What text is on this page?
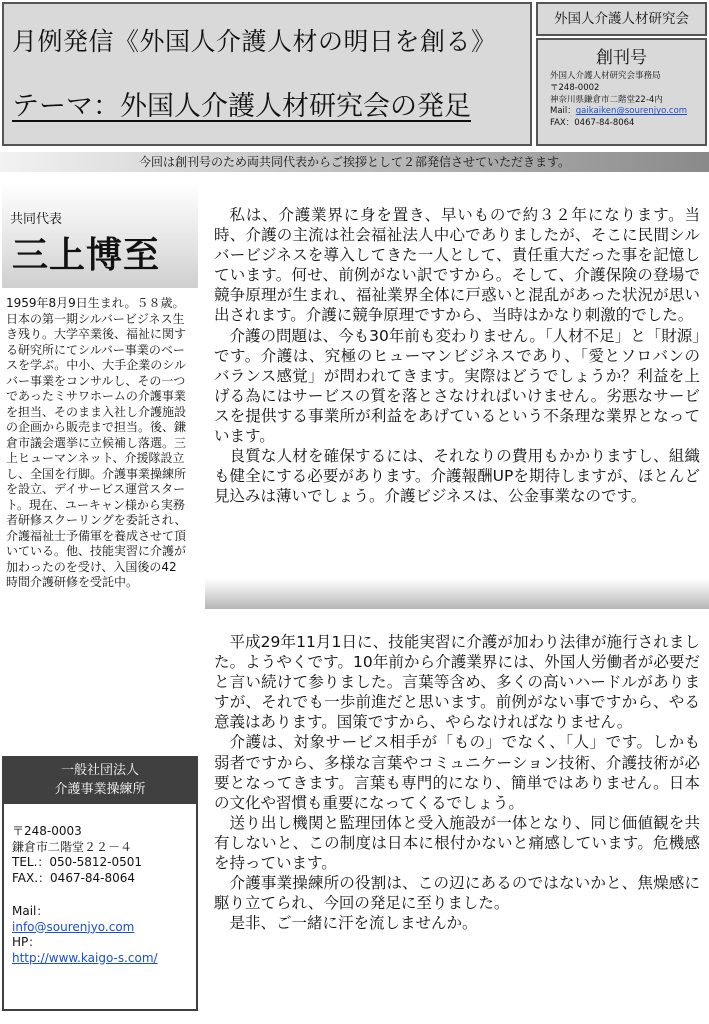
月例発信《外国人介護人材の明日を創る》
テーマ：外国人介護人材研究会の発足
外国人介護人材研究会
創刊号
外国人介護人材研究会事務局
〒248-0002
神奈川県鎌倉市二階堂22-4内
Mail：gaikaiken@sourenjyo.com
FAX：0467-84-8064
今回は創刊号のため両共同代表からご挨拶として２部発信させていただきます。
共同代表
三上博至
1959年8月9日生まれ。５８歳。日本の第一期シルバービジネス生き残り。大学卒業後、福祉に関する研究所にてシルバー事業のベースを学ぶ。中小、大手企業のシルバー事業をコンサルし、その一つであったミサワホームの介護事業を担当、そのまま入社し介護施設の企画から販売まで担当。後、鎌倉市議会選挙に立候補し落選。三上ヒューマンネット、介援隊設立し、全国を行脚。介護事業操練所を設立、デイサービス運営スタート。現在、ユーキャン様から実務者研修スクーリングを委託され、介護福祉士予備軍を養成させて頂いている。他、技能実習に介護が加わったのを受け、入国後の42時間介護研修を受託中。
一般社団法人
介護事業操練所
〒248-0003
鎌倉市二階堂２２－４
TEL.：050-5812-0501
FAX.：0467-84-8064
Mail：
info@sourenjyo.com
HP：
http://www.kaigo-s.com/

私は、介護業界に身を置き、早いもので約３２年になります。当時、介護の主流は社会福祉法人中心でありましたが、そこに民間シルバービジネスを導入してきた一人として、責任重大だった事を記憶しています。何せ、前例がない訳ですから。そして、介護保険の登場で競争原理が生まれ、福祉業界全体に戸惑いと混乱があった状況が思い出されます。介護に競争原理ですから、当時はかなり刺激的でした。

介護の問題は、今も30年前も変わりません。「人材不足」と「財源」です。介護は、究極のヒューマンビジネスであり、「愛とソロバンのバランス感覚」が問われてきます。実際はどうでしょうか？利益を上げる為にはサービスの質を落とさなければいけません。劣悪なサービスを提供する事業所が利益をあげているという不条理な業界となっています。

良質な人材を確保するには、それなりの費用もかかりますし、組織も健全にする必要があります。介護報酬UPを期待しますが、ほとんど見込みは薄いでしょう。介護ビジネスは、公金事業なのです。

平成29年11月1日に、技能実習に介護が加わり法律が施行されました。ようやくです。10年前から介護業界には、外国人労働者が必要だと言い続けて参りました。言葉等含め、多くの高いハードルがありますが、それでも一歩前進だと思います。前例がない事ですから、やる意義はあります。国策ですから、やらなければなりません。

介護は、対象サービス相手が「もの」でなく、「人」です。しかも弱者ですから、多様な言葉やコミュニケーション技術、介護技術が必要となってきます。言葉も専門的になり、簡単ではありません。日本の文化や習慣も重要になってくるでしょう。

送り出し機関と監理団体と受入施設が一体となり、同じ価値観を共有しないと、この制度は日本に根付かないと痛感しています。危機感を持っています。

介護事業操練所の役割は、この辺にあるのではないかと、焦燥感に駆り立てられ、今回の発足に至りました。

是非、ご一緒に汗を流しませんか。
